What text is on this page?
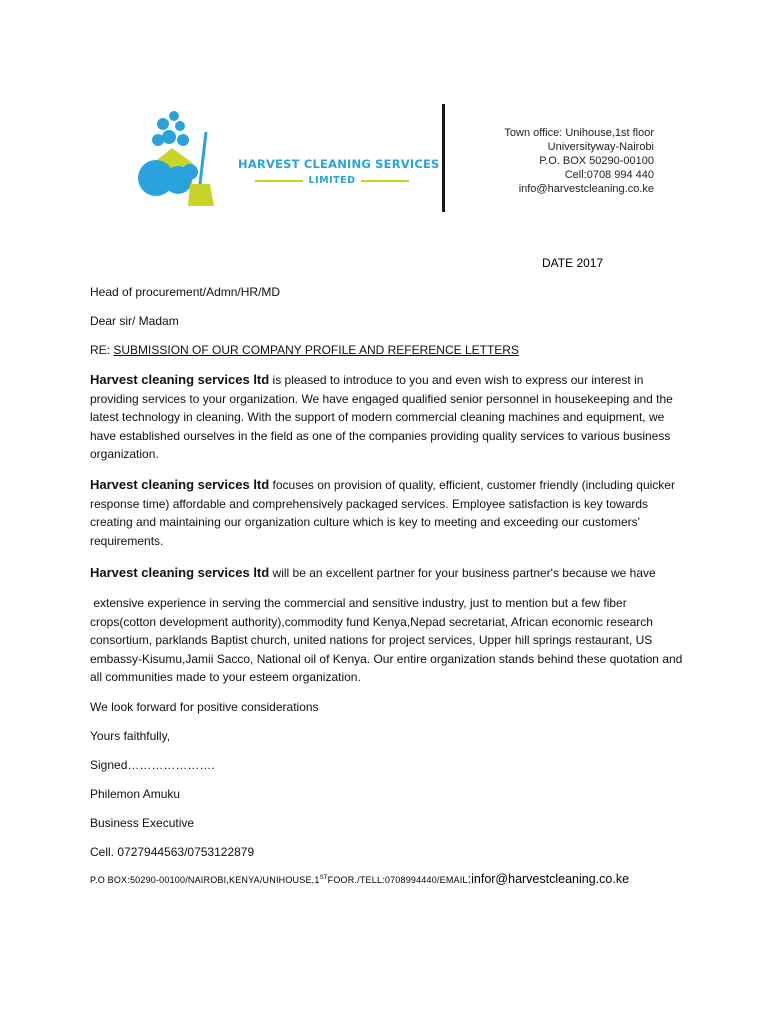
HARVEST CLEANING SERVICES
LIMITED
Town office: Unihouse,1st floor
Universityway-Nairobi
P.O. BOX 50290-00100
Cell:0708 994 440
info@harvestcleaning.co.ke
DATE 2017
Head of procurement/Admn/HR/MD
Dear sir/ Madam
RE: SUBMISSION OF OUR COMPANY PROFILE AND REFERENCE LETTERS
Harvest cleaning services ltd is pleased to introduce to you and even wish to express our interest in providing services to your organization. We have engaged qualified senior personnel in housekeeping and the latest technology in cleaning. With the support of modern commercial cleaning machines and equipment, we have established ourselves in the field as one of the companies providing quality services to various business organization.
Harvest cleaning services ltd focuses on provision of quality, efficient, customer friendly (including quicker response time) affordable and comprehensively packaged services. Employee satisfaction is key towards creating and maintaining our organization culture which is key to meeting and exceeding our customers' requirements.
Harvest cleaning services ltd will be an excellent partner for your business partner's because we have
extensive experience in serving the commercial and sensitive industry, just to mention but a few fiber crops(cotton development authority),commodity fund Kenya,Nepad secretariat, African economic research consortium, parklands Baptist church, united nations for project services, Upper hill springs restaurant, US embassy-Kisumu,Jamii Sacco, National oil of Kenya. Our entire organization stands behind these quotation and all communities made to your esteem organization.
We look forward for positive considerations
Yours faithfully,
Signed………………….
Philemon Amuku
Business Executive
Cell. 0727944563/0753122879
P.O BOX:50290-00100/NAIROBI,KENYA/UNIHOUSE,1STFOOR./TELL:0708994440/EMAIL:infor@harvestcleaning.co.ke
